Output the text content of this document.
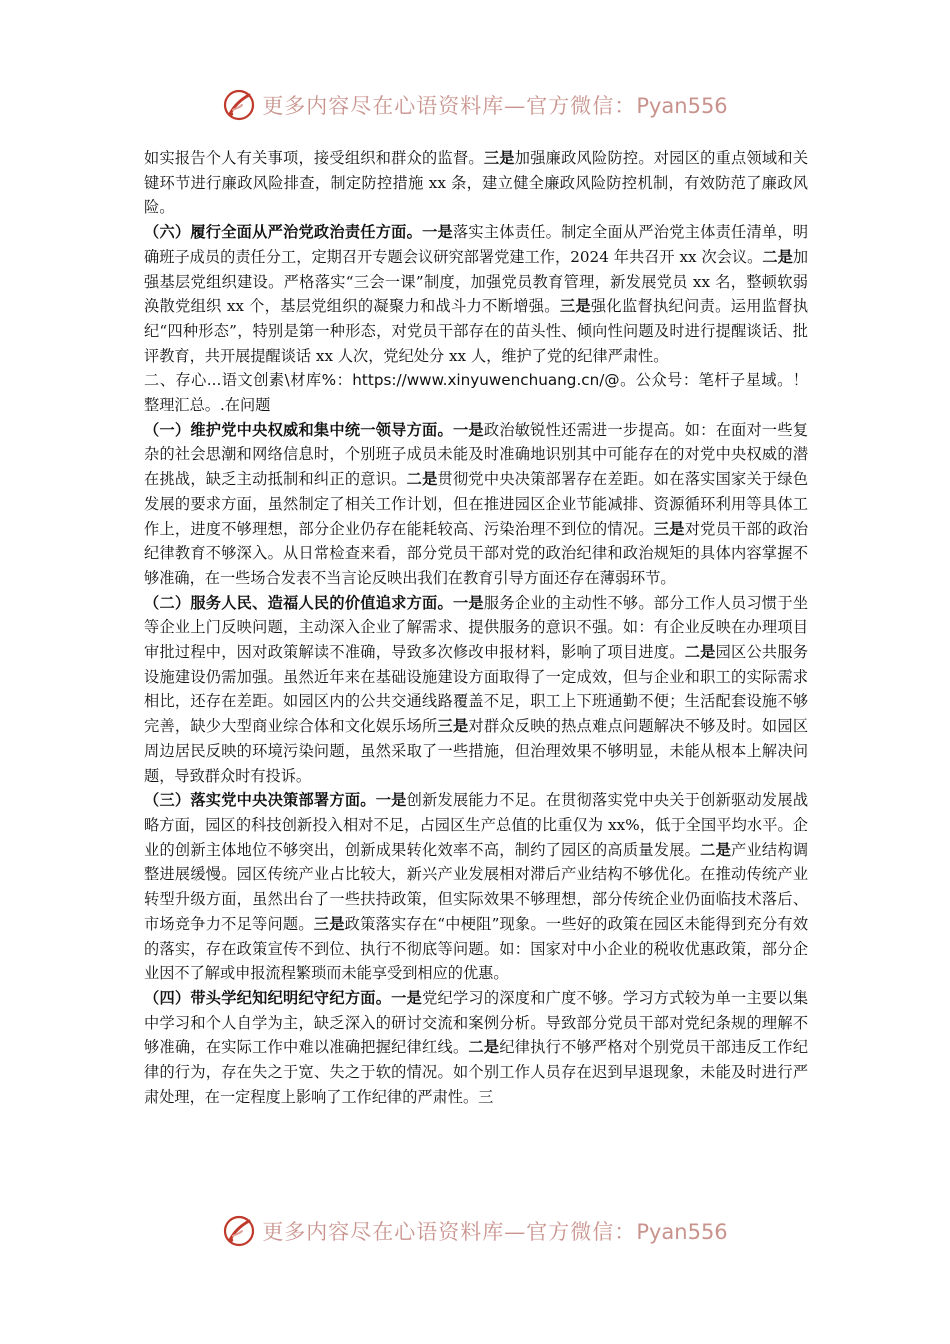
更多内容尽在心语资料库—官方微信：Pyan556

如实报告个人有关事项，接受组织和群众的监督。三是加强廉政风险防控。对园区的重点领域和关键环节进行廉政风险排查，制定防控措施 xx 条，建立健全廉政风险防控机制，有效防范了廉政风险。

（六）履行全面从严治党政治责任方面。一是落实主体责任。制定全面从严治党主体责任清单，明确班子成员的责任分工，定期召开专题会议研究部署党建工作，2024 年共召开 xx 次会议。二是加强基层党组织建设。严格落实“三会一课”制度，加强党员教育管理，新发展党员 xx 名，整顿软弱涣散党组织 xx 个，基层党组织的凝聚力和战斗力不断增强。三是强化监督执纪问责。运用监督执纪“四种形态”，特别是第一种形态，对党员干部存在的苗头性、倾向性问题及时进行提醒谈话、批评教育，共开展提醒谈话 xx 人次，党纪处分 xx 人，维护了党的纪律严肃性。

二、存心...语文创素\材库%：https://www.xinyuwenchuang.cn/@。公众号：笔杆子星域。！ 整理汇总。.在问题

（一）维护党中央权威和集中统一领导方面。一是政治敏锐性还需进一步提高。如：在面对一些复杂的社会思潮和网络信息时，个别班子成员未能及时准确地识别其中可能存在的对党中央权威的潜在挑战，缺乏主动抵制和纠正的意识。二是贯彻党中央决策部署存在差距。如在落实国家关于绿色发展的要求方面，虽然制定了相关工作计划，但在推进园区企业节能减排、资源循环利用等具体工作上，进度不够理想，部分企业仍存在能耗较高、污染治理不到位的情况。三是对党员干部的政治纪律教育不够深入。从日常检查来看，部分党员干部对党的政治纪律和政治规矩的具体内容掌握不够准确，在一些场合发表不当言论反映出我们在教育引导方面还存在薄弱环节。

（二）服务人民、造福人民的价值追求方面。一是服务企业的主动性不够。部分工作人员习惯于坐等企业上门反映问题，主动深入企业了解需求、提供服务的意识不强。如：有企业反映在办理项目审批过程中，因对政策解读不准确，导致多次修改申报材料，影响了项目进度。二是园区公共服务设施建设仍需加强。虽然近年来在基础设施建设方面取得了一定成效，但与企业和职工的实际需求相比，还存在差距。如园区内的公共交通线路覆盖不足，职工上下班通勤不便；生活配套设施不够完善，缺少大型商业综合体和文化娱乐场所三是对群众反映的热点难点问题解决不够及时。如园区周边居民反映的环境污染问题，虽然采取了一些措施，但治理效果不够明显，未能从根本上解决问题，导致群众时有投诉。

（三）落实党中央决策部署方面。一是创新发展能力不足。在贯彻落实党中央关于创新驱动发展战略方面，园区的科技创新投入相对不足，占园区生产总值的比重仅为 xx%，低于全国平均水平。企业的创新主体地位不够突出，创新成果转化效率不高，制约了园区的高质量发展。二是产业结构调整进展缓慢。园区传统产业占比较大，新兴产业发展相对滞后产业结构不够优化。在推动传统产业转型升级方面，虽然出台了一些扶持政策，但实际效果不够理想，部分传统企业仍面临技术落后、市场竞争力不足等问题。三是政策落实存在“中梗阻”现象。一些好的政策在园区未能得到充分有效的落实，存在政策宣传不到位、执行不彻底等问题。如：国家对中小企业的税收优惠政策，部分企业因不了解或申报流程繁琐而未能享受到相应的优惠。

（四）带头学纪知纪明纪守纪方面。一是党纪学习的深度和广度不够。学习方式较为单一主要以集中学习和个人自学为主，缺乏深入的研讨交流和案例分析。导致部分党员干部对党纪条规的理解不够准确，在实际工作中难以准确把握纪律红线。二是纪律执行不够严格对个别党员干部违反工作纪律的行为，存在失之于宽、失之于软的情况。如个别工作人员存在迟到早退现象，未能及时进行严肃处理，在一定程度上影响了工作纪律的严肃性。三

更多内容尽在心语资料库—官方微信：Pyan556
